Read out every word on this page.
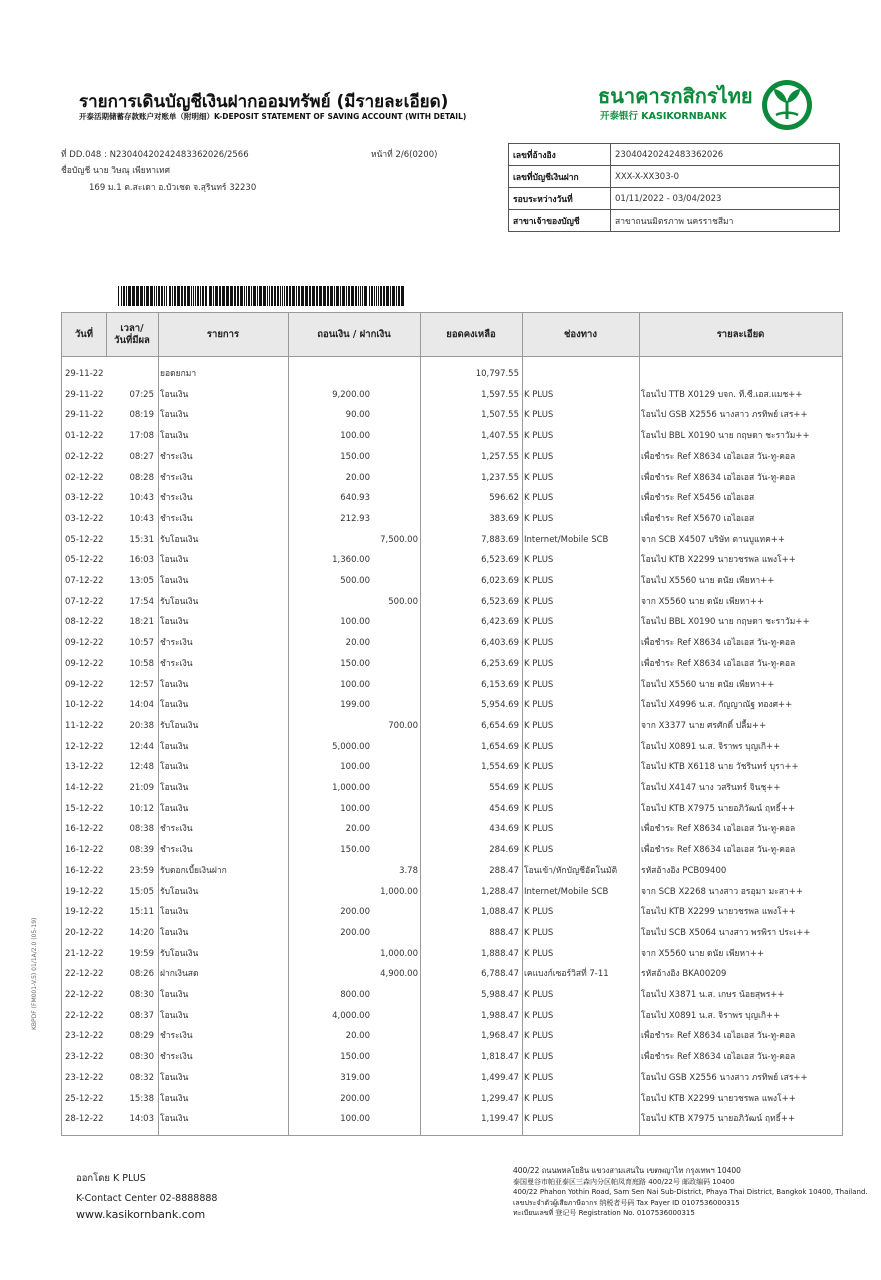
รายการเดินบัญชีเงินฝากออมทรัพย์ (มีรายละเอียด)
开泰活期储蓄存款账户对账单（附明细）K-DEPOSIT STATEMENT OF SAVING ACCOUNT (WITH DETAIL)
ธนาคารกสิกรไทย
开泰银行 KASIKORNBANK
ที่ DD.048 : N23040420242483362026/2566	หน้าที่ 2/6(0200)
ชื่อบัญชี นาย วิษณุ เพียหาเทศ
169 ม.1 ต.สะเดา อ.บัวเชด จ.สุรินทร์ 32230
เลขที่อ้างอิง	23040420242483362026
เลขที่บัญชีเงินฝาก	XXX-X-XX303-0
รอบระหว่างวันที่	01/11/2022 - 03/04/2023
สาขาเจ้าของบัญชี	สาขาถนนมิตรภาพ นครราชสีมา
วันที่
เวลา/
วันที่มีผล
รายการ	ถอนเงิน / ฝากเงิน	ยอดคงเหลือ	ช่องทาง	รายละเอียด
29-11-22	ยอดยกมา	10,797.55
29-11-22	07:25 โอนเงิน	9,200.00	1,597.55 K PLUS	โอนไป TTB X0129 บจก. ที.ซี.เอส.แมช++
29-11-22	08:19 โอนเงิน	90.00	1,507.55 K PLUS	โอนไป GSB X2556 นางสาว ภรทิพย์ เสร++
01-12-22	17:08 โอนเงิน	100.00	1,407.55 K PLUS	โอนไป BBL X0190 นาย กฤษดา ชะราวัม++
02-12-22	08:27 ชำระเงิน	150.00	1,257.55 K PLUS	เพื่อชำระ Ref X8634 เอไอเอส วัน-ทู-คอล
02-12-22	08:28 ชำระเงิน	20.00	1,237.55 K PLUS	เพื่อชำระ Ref X8634 เอไอเอส วัน-ทู-คอล
03-12-22	10:43 ชำระเงิน	640.93	596.62 K PLUS	เพื่อชำระ Ref X5456 เอไอเอส
03-12-22	10:43 ชำระเงิน	212.93	383.69 K PLUS	เพื่อชำระ Ref X5670 เอไอเอส
05-12-22	15:31 รับโอนเงิน	7,500.00	7,883.69 Internet/Mobile SCB	จาก SCB X4507 บริษัท ตานบูแทค++
05-12-22	16:03 โอนเงิน	1,360.00	6,523.69 K PLUS	โอนไป KTB X2299 นายวชรพล แพงโ++
07-12-22	13:05 โอนเงิน	500.00	6,023.69 K PLUS	โอนไป X5560 นาย ดนัย เพียหา++
07-12-22	17:54 รับโอนเงิน	500.00	6,523.69 K PLUS	จาก X5560 นาย ดนัย เพียหา++
08-12-22	18:21 โอนเงิน	100.00	6,423.69 K PLUS	โอนไป BBL X0190 นาย กฤษดา ชะราวัม++
09-12-22	10:57 ชำระเงิน	20.00	6,403.69 K PLUS	เพื่อชำระ Ref X8634 เอไอเอส วัน-ทู-คอล
09-12-22	10:58 ชำระเงิน	150.00	6,253.69 K PLUS	เพื่อชำระ Ref X8634 เอไอเอส วัน-ทู-คอล
09-12-22	12:57 โอนเงิน	100.00	6,153.69 K PLUS	โอนไป X5560 นาย ดนัย เพียหา++
10-12-22	14:04 โอนเงิน	199.00	5,954.69 K PLUS	โอนไป X4996 น.ส. กัญญาณัฐ ทองศ++
11-12-22	20:38 รับโอนเงิน	700.00	6,654.69 K PLUS	จาก X3377 นาย ศรศักดิ์ ปลื้ม++
12-12-22	12:44 โอนเงิน	5,000.00	1,654.69 K PLUS	โอนไป X0891 น.ส. จิราพร บุญเกิ++
13-12-22	12:48 โอนเงิน	100.00	1,554.69 K PLUS	โอนไป KTB X6118 นาย วัชรินทร์ บุรา++
14-12-22	21:09 โอนเงิน	1,000.00	554.69 K PLUS	โอนไป X4147 นาง วสรินทร์ จินชุ++
15-12-22	10:12 โอนเงิน	100.00	454.69 K PLUS	โอนไป KTB X7975 นายอภิวัฒน์ ฤทธิ์++
16-12-22	08:38 ชำระเงิน	20.00	434.69 K PLUS	เพื่อชำระ Ref X8634 เอไอเอส วัน-ทู-คอล
16-12-22	08:39 ชำระเงิน	150.00	284.69 K PLUS	เพื่อชำระ Ref X8634 เอไอเอส วัน-ทู-คอล
16-12-22	23:59 รับดอกเบี้ยเงินฝาก	3.78	288.47 โอนเข้า/หักบัญชีอัตโนมัติ	รหัสอ้างอิง PCB09400
19-12-22	15:05 รับโอนเงิน	1,000.00	1,288.47 Internet/Mobile SCB	จาก SCB X2268 นางสาว อรอุมา มะสา++
19-12-22	15:11 โอนเงิน	200.00	1,088.47 K PLUS	โอนไป KTB X2299 นายวชรพล แพงโ++
20-12-22	14:20 โอนเงิน	200.00	888.47 K PLUS	โอนไป SCB X5064 นางสาว พรพิรา ประเ++
21-12-22	19:59 รับโอนเงิน	1,000.00	1,888.47 K PLUS	จาก X5560 นาย ดนัย เพียหา++
22-12-22	08:26 ฝากเงินสด	4,900.00	6,788.47 เคแบงก์เซอร์วิสที่ 7-11	รหัสอ้างอิง BKA00209
22-12-22	08:30 โอนเงิน	800.00	5,988.47 K PLUS	โอนไป X3871 น.ส. เกษร น้อยสุพร++
22-12-22	08:37 โอนเงิน	4,000.00	1,988.47 K PLUS	โอนไป X0891 น.ส. จิราพร บุญเกิ++
23-12-22	08:29 ชำระเงิน	20.00	1,968.47 K PLUS	เพื่อชำระ Ref X8634 เอไอเอส วัน-ทู-คอล
23-12-22	08:30 ชำระเงิน	150.00	1,818.47 K PLUS	เพื่อชำระ Ref X8634 เอไอเอส วัน-ทู-คอล
23-12-22	08:32 โอนเงิน	319.00	1,499.47 K PLUS	โอนไป GSB X2556 นางสาว ภรทิพย์ เสร++
25-12-22	15:38 โอนเงิน	200.00	1,299.47 K PLUS	โอนไป KTB X2299 นายวชรพล แพงโ++
28-12-22	14:03 โอนเงิน	100.00	1,199.47 K PLUS	โอนไป KTB X7975 นายอภิวัฒน์ ฤทธิ์++
ออกโดย K PLUS
K-Contact Center 02-8888888
www.kasikornbank.com
400/22 ถนนพหลโยธิน แขวงสามเสนใน เขตพญาไท กรุงเทพฯ 10400
泰国曼谷市帕亚泰区三森内分区帕凤育庭路 400/22号 邮政编码 10400
400/22 Phahon Yothin Road, Sam Sen Nai Sub-District, Phaya Thai District, Bangkok 10400, Thailand.
เลขประจำตัวผู้เสียภาษีอากร 纳税者号码 Tax Payer ID 0107536000315
ทะเบียนเลขที่ 登记号 Registration No. 0107536000315
KBPDF (FM001-V.5) 01/1A/2.0 (05-19)
